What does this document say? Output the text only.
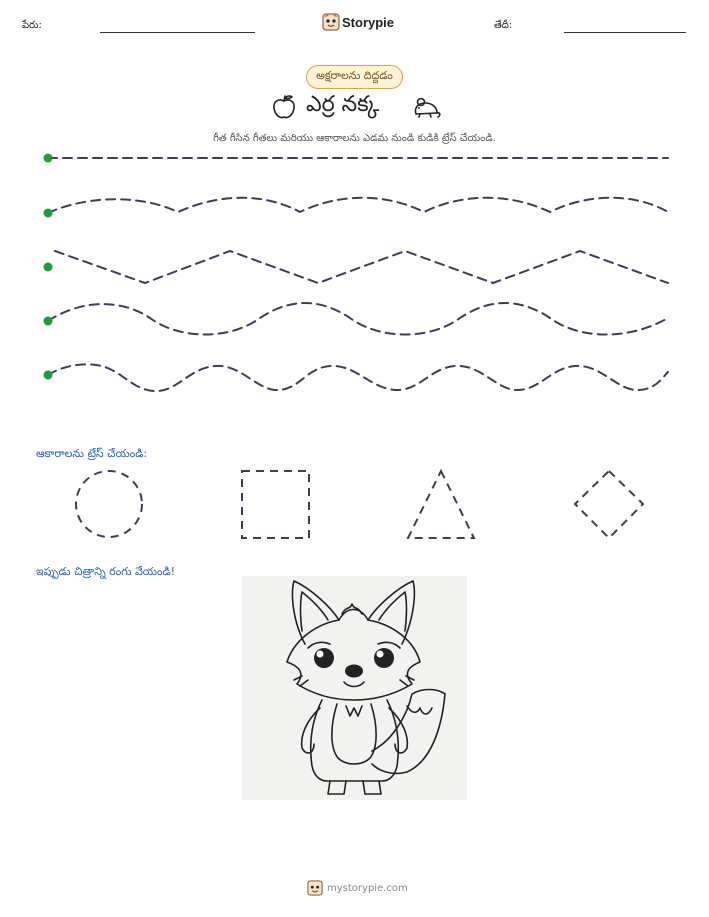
పేరు:	Storypie	తేదీ:
అక్షరాలను దిద్దడం
ఎర్ర నక్క
గీత గీసిన గీతలు మరియు ఆకారాలను ఎడమ నుండి కుడికి ట్రేస్ చేయండి.
ఆకారాలను ట్రేస్ చేయండి:
ఇప్పుడు చిత్రాన్ని రంగు వేయండి!
mystorypie.com
